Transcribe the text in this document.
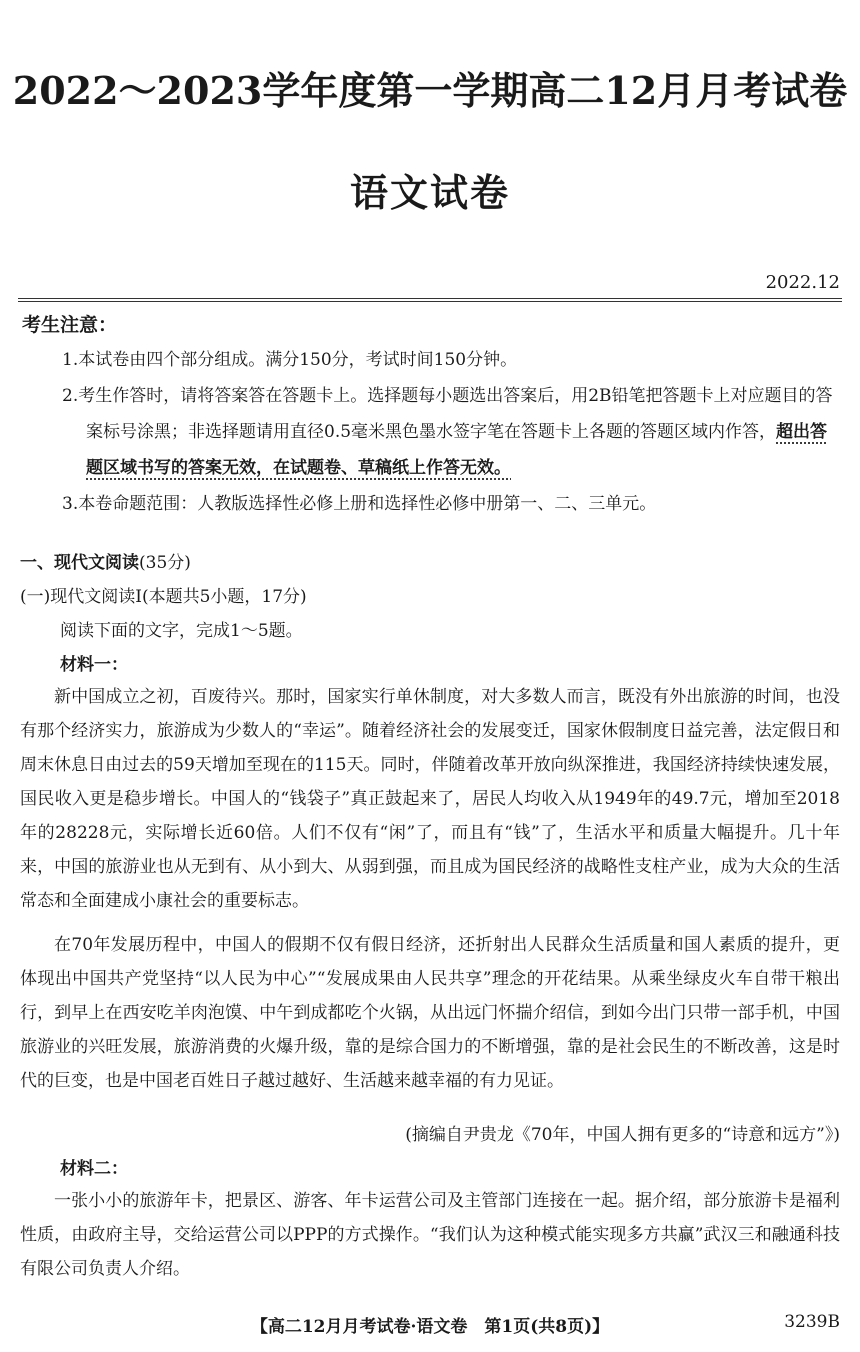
2022～2023学年度第一学期高二12月月考试卷
语文试卷
2022.12
考生注意：
1.本试卷由四个部分组成。满分150分，考试时间150分钟。
2.考生作答时，请将答案答在答题卡上。选择题每小题选出答案后，用2B铅笔把答题卡上对应题目的答案标号涂黑；非选择题请用直径0.5毫米黑色墨水签字笔在答题卡上各题的答题区域内作答，超出答题区域书写的答案无效，在试题卷、草稿纸上作答无效。
3.本卷命题范围：人教版选择性必修上册和选择性必修中册第一、二、三单元。
一、现代文阅读(35分)
(一)现代文阅读Ⅰ(本题共5小题，17分)
阅读下面的文字，完成1～5题。
材料一：
新中国成立之初，百废待兴。那时，国家实行单休制度，对大多数人而言，既没有外出旅游的时间，也没有那个经济实力，旅游成为少数人的“幸运”。随着经济社会的发展变迁，国家休假制度日益完善，法定假日和周末休息日由过去的59天增加至现在的115天。同时，伴随着改革开放向纵深推进，我国经济持续快速发展，国民收入更是稳步增长。中国人的“钱袋子”真正鼓起来了，居民人均收入从1949年的49.7元，增加至2018年的28228元，实际增长近60倍。人们不仅有“闲”了，而且有“钱”了，生活水平和质量大幅提升。几十年来，中国的旅游业也从无到有、从小到大、从弱到强，而且成为国民经济的战略性支柱产业，成为大众的生活常态和全面建成小康社会的重要标志。
在70年发展历程中，中国人的假期不仅有假日经济，还折射出人民群众生活质量和国人素质的提升，更体现出中国共产党坚持“以人民为中心”“发展成果由人民共享”理念的开花结果。从乘坐绿皮火车自带干粮出行，到早上在西安吃羊肉泡馍、中午到成都吃个火锅，从出远门怀揣介绍信，到如今出门只带一部手机，中国旅游业的兴旺发展，旅游消费的火爆升级，靠的是综合国力的不断增强，靠的是社会民生的不断改善，这是时代的巨变，也是中国老百姓日子越过越好、生活越来越幸福的有力见证。
(摘编自尹贵龙《70年，中国人拥有更多的“诗意和远方”》)
材料二：
一张小小的旅游年卡，把景区、游客、年卡运营公司及主管部门连接在一起。据介绍，部分旅游卡是福利性质，由政府主导，交给运营公司以PPP的方式操作。“我们认为这种模式能实现多方共赢”武汉三和融通科技有限公司负责人介绍。
【高二12月月考试卷·语文卷　第1页(共8页)】	3239B
